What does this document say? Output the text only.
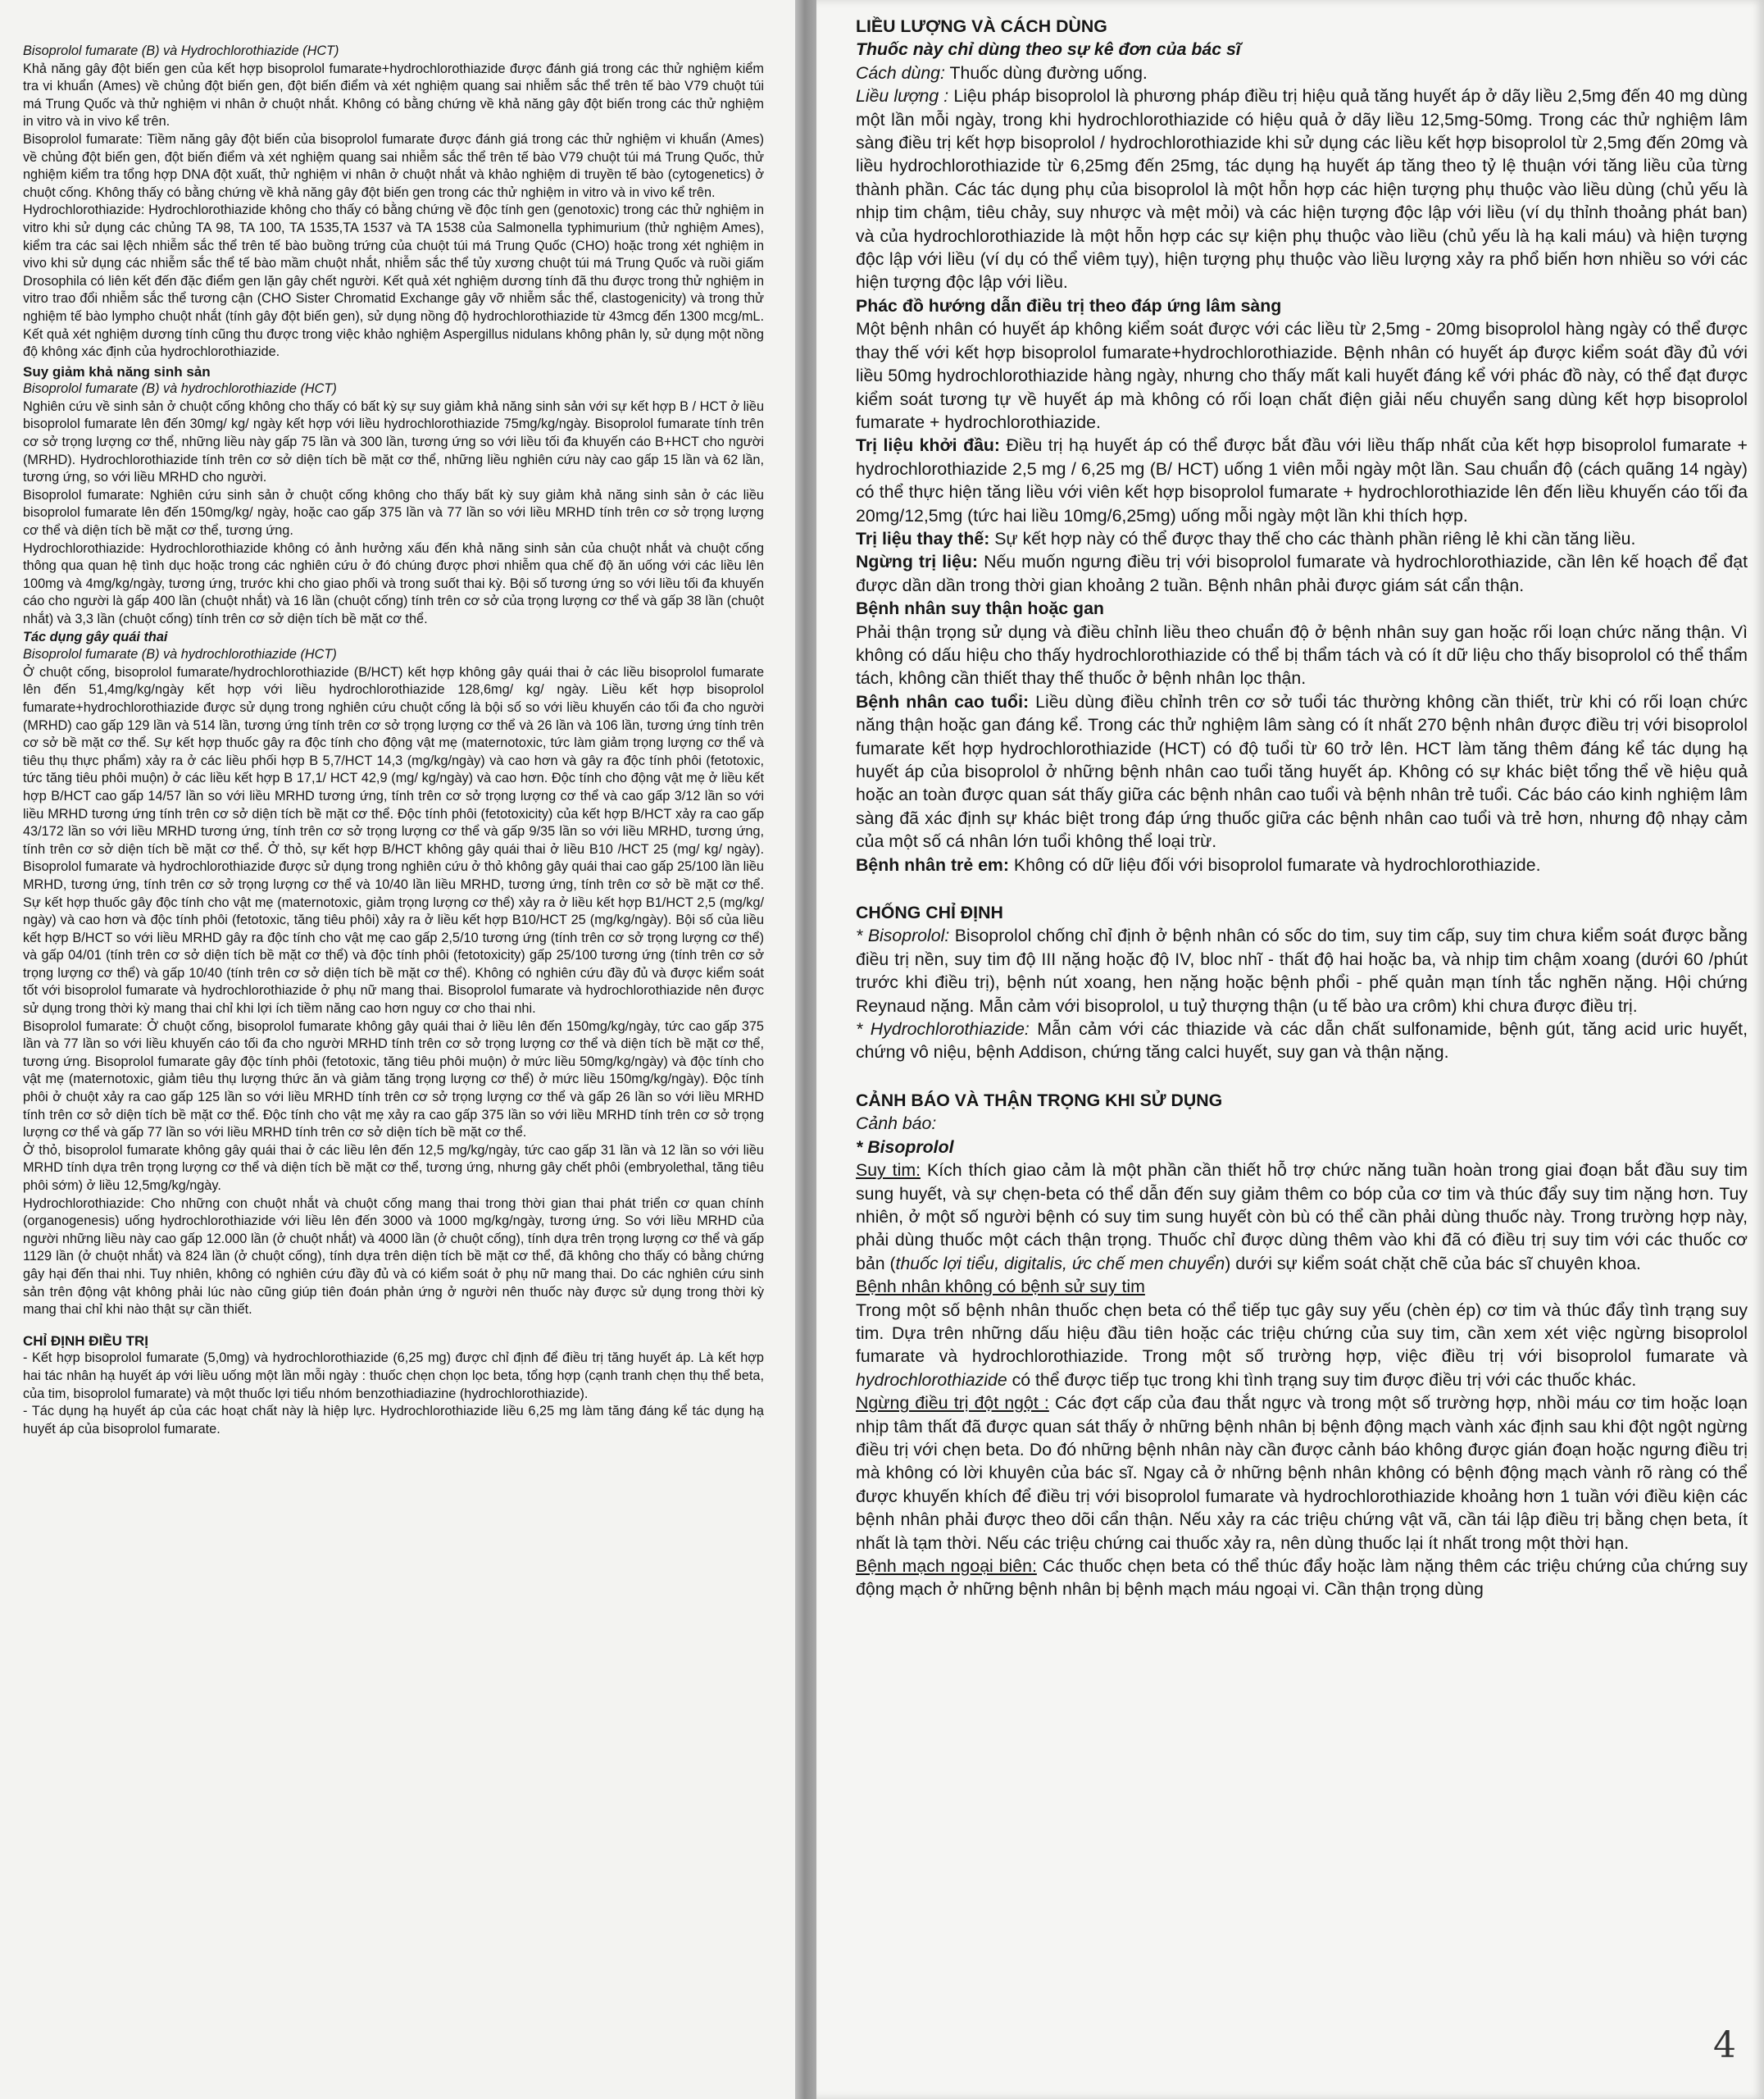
Bisoprolol fumarate (B) và Hydrochlorothiazide (HCT)

Khả năng gây đột biến gen của kết hợp bisoprolol fumarate+hydrochlorothiazide được đánh giá trong các thử nghiệm kiểm tra vi khuẩn (Ames) về chủng đột biến gen, đột biến điểm và xét nghiệm quang sai nhiễm sắc thể trên tế bào V79 chuột túi má Trung Quốc và thử nghiệm vi nhân ở chuột nhắt. Không có bằng chứng về khả năng gây đột biến trong các thử nghiệm in vitro và in vivo kể trên.

Bisoprolol fumarate: Tiềm năng gây đột biến của bisoprolol fumarate được đánh giá trong các thử nghiệm vi khuẩn (Ames) về chủng đột biến gen, đột biến điểm và xét nghiệm quang sai nhiễm sắc thể trên tế bào V79 chuột túi má Trung Quốc, thử nghiệm kiểm tra tổng hợp DNA đột xuất, thử nghiệm vi nhân ở chuột nhắt và khảo nghiệm di truyền tế bào (cytogenetics) ở chuột cống. Không thấy có bằng chứng về khả năng gây đột biến gen trong các thử nghiệm in vitro và in vivo kể trên.

Hydrochlorothiazide: Hydrochlorothiazide không cho thấy có bằng chứng về độc tính gen (genotoxic) trong các thử nghiệm in vitro khi sử dụng các chủng TA 98, TA 100, TA 1535,TA 1537 và TA 1538 của Salmonella typhimurium (thử nghiệm Ames), kiểm tra các sai lệch nhiễm sắc thể trên tế bào buồng trứng của chuột túi má Trung Quốc (CHO) hoặc trong xét nghiệm in vivo khi sử dụng các nhiễm sắc thể tế bào mầm chuột nhắt, nhiễm sắc thể tủy xương chuột túi má Trung Quốc và ruồi giấm Drosophila có liên kết đến đặc điểm gen lặn gây chết người. Kết quả xét nghiệm dương tính đã thu được trong thử nghiệm in vitro trao đổi nhiễm sắc thể tương cận (CHO Sister Chromatid Exchange gây vỡ nhiễm sắc thể, clastogenicity) và trong thử nghiệm tế bào lympho chuột nhắt (tính gây đột biến gen), sử dụng nồng độ hydrochlorothiazide từ 43mcg đến 1300 mcg/mL. Kết quả xét nghiệm dương tính cũng thu được trong việc khảo nghiệm Aspergillus nidulans không phân ly, sử dụng một nồng độ không xác định của hydrochlorothiazide.

Suy giảm khả năng sinh sản

Bisoprolol fumarate (B) và hydrochlorothiazide (HCT)

Nghiên cứu về sinh sản ở chuột cống không cho thấy có bất kỳ sự suy giảm khả năng sinh sản với sự kết hợp B / HCT ở liều bisoprolol fumarate lên đến 30mg/ kg/ ngày kết hợp với liều hydrochlorothiazide 75mg/kg/ngày. Bisoprolol fumarate tính trên cơ sở trọng lượng cơ thể, những liều này gấp 75 lần và 300 lần, tương ứng so với liều tối đa khuyến cáo B+HCT cho người (MRHD). Hydrochlorothiazide tính trên cơ sở diện tích bề mặt cơ thể, những liều nghiên cứu này cao gấp 15 lần và 62 lần, tương ứng, so với liều MRHD cho người.

Bisoprolol fumarate: Nghiên cứu sinh sản ở chuột cống không cho thấy bất kỳ suy giảm khả năng sinh sản ở các liều bisoprolol fumarate lên đến 150mg/kg/ ngày, hoặc cao gấp 375 lần và 77 lần so với liều MRHD tính trên cơ sở trọng lượng cơ thể và diện tích bề mặt cơ thể, tương ứng.

Hydrochlorothiazide: Hydrochlorothiazide không có ảnh hưởng xấu đến khả năng sinh sản của chuột nhắt và chuột cống thông qua quan hệ tình dục hoặc trong các nghiên cứu ở đó chúng được phơi nhiễm qua chế độ ăn uống với các liều lên 100mg và 4mg/kg/ngày, tương ứng, trước khi cho giao phối và trong suốt thai kỳ. Bội số tương ứng so với liều tối đa khuyến cáo cho người là gấp 400 lần (chuột nhắt) và 16 lần (chuột cống) tính trên cơ sở của trọng lượng cơ thể và gấp 38 lần (chuột nhắt) và 3,3 lần (chuột cống) tính trên cơ sở diện tích bề mặt cơ thể.

Tác dụng gây quái thai

Bisoprolol fumarate (B) và hydrochlorothiazide (HCT)

Ở chuột cống, bisoprolol fumarate/hydrochlorothiazide (B/HCT) kết hợp không gây quái thai ở các liều bisoprolol fumarate lên đến 51,4mg/kg/ngày kết hợp với liều hydrochlorothiazide 128,6mg/ kg/ ngày. Liều kết hợp bisoprolol fumarate+hydrochlorothiazide được sử dụng trong nghiên cứu chuột cống là bội số so với liều khuyến cáo tối đa cho người (MRHD) cao gấp 129 lần và 514 lần, tương ứng tính trên cơ sở trọng lượng cơ thể và 26 lần và 106 lần, tương ứng tính trên cơ sở bề mặt cơ thể. Sự kết hợp thuốc gây ra độc tính cho động vật mẹ (maternotoxic, tức làm giảm trọng lượng cơ thể và tiêu thụ thực phẩm) xảy ra ở các liều phối hợp B 5,7/HCT 14,3 (mg/kg/ngày) và cao hơn và gây ra độc tính phôi (fetotoxic, tức tăng tiêu phôi muộn) ở các liều kết hợp B 17,1/ HCT 42,9 (mg/ kg/ngày) và cao hơn. Độc tính cho động vật mẹ ở liều kết hợp B/HCT cao gấp 14/57 lần so với liều MRHD tương ứng, tính trên cơ sở trọng lượng cơ thể và cao gấp 3/12 lần so với liều MRHD tương ứng tính trên cơ sở diện tích bề mặt cơ thể. Độc tính phôi (fetotoxicity) của kết hợp B/HCT xảy ra cao gấp 43/172 lần so với liều MRHD tương ứng, tính trên cơ sở trọng lượng cơ thể và gấp 9/35 lần so với liều MRHD, tương ứng, tính trên cơ sở diện tích bề mặt cơ thể. Ở thỏ, sự kết hợp B/HCT không gây quái thai ở liều B10 /HCT 25 (mg/ kg/ ngày). Bisoprolol fumarate và hydrochlorothiazide được sử dụng trong nghiên cứu ở thỏ không gây quái thai cao gấp 25/100 lần liều MRHD, tương ứng, tính trên cơ sở trọng lượng cơ thể và 10/40 lần liều MRHD, tương ứng, tính trên cơ sở bề mặt cơ thể. Sự kết hợp thuốc gây độc tính cho vật mẹ (maternotoxic, giảm trọng lượng cơ thể) xảy ra ở liều kết hợp B1/HCT 2,5 (mg/kg/ ngày) và cao hơn và độc tính phôi (fetotoxic, tăng tiêu phôi) xảy ra ở liều kết hợp B10/HCT 25 (mg/kg/ngày). Bội số của liều kết hợp B/HCT so với liều MRHD gây ra độc tính cho vật mẹ cao gấp 2,5/10 tương ứng (tính trên cơ sở trọng lượng cơ thể) và gấp 04/01 (tính trên cơ sở diện tích bề mặt cơ thể) và độc tính phôi (fetotoxicity) gấp 25/100 tương ứng (tính trên cơ sở trọng lượng cơ thể) và gấp 10/40 (tính trên cơ sở diện tích bề mặt cơ thể). Không có nghiên cứu đầy đủ và được kiểm soát tốt với bisoprolol fumarate và hydrochlorothiazide ở phụ nữ mang thai. Bisoprolol fumarate và hydrochlorothiazide nên được sử dụng trong thời kỳ mang thai chỉ khi lợi ích tiềm năng cao hơn nguy cơ cho thai nhi.

Bisoprolol fumarate: Ở chuột cống, bisoprolol fumarate không gây quái thai ở liều lên đến 150mg/kg/ngày, tức cao gấp 375 lần và 77 lần so với liều khuyến cáo tối đa cho người MRHD tính trên cơ sở trọng lượng cơ thể và diện tích bề mặt cơ thể, tương ứng. Bisoprolol fumarate gây độc tính phôi (fetotoxic, tăng tiêu phôi muộn) ở mức liều 50mg/kg/ngày) và độc tính cho vật mẹ (maternotoxic, giảm tiêu thụ lượng thức ăn và giảm tăng trọng lượng cơ thể) ở mức liều 150mg/kg/ngày). Độc tính phôi ở chuột xảy ra cao gấp 125 lần so với liều MRHD tính trên cơ sở trọng lượng cơ thể và gấp 26 lần so với liều MRHD tính trên cơ sở diện tích bề mặt cơ thể. Độc tính cho vật mẹ xảy ra cao gấp 375 lần so với liều MRHD tính trên cơ sở trọng lượng cơ thể và gấp 77 lần so với liều MRHD tính trên cơ sở diện tích bề mặt cơ thể.

Ở thỏ, bisoprolol fumarate không gây quái thai ở các liều lên đến 12,5 mg/kg/ngày, tức cao gấp 31 lần và 12 lần so với liều MRHD tính dựa trên trọng lượng cơ thể và diện tích bề mặt cơ thể, tương ứng, nhưng gây chết phôi (embryolethal, tăng tiêu phôi sớm) ở liều 12,5mg/kg/ngày.

Hydrochlorothiazide: Cho những con chuột nhắt và chuột cống mang thai trong thời gian thai phát triển cơ quan chính (organogenesis) uống hydrochlorothiazide với liều lên đến 3000 và 1000 mg/kg/ngày, tương ứng. So với liều MRHD của người những liều này cao gấp 12.000 lần (ở chuột nhắt) và 4000 lần (ở chuột cống), tính dựa trên trọng lượng cơ thể và gấp 1129 lần (ở chuột nhắt) và 824 lần (ở chuột cống), tính dựa trên diện tích bề mặt cơ thể, đã không cho thấy có bằng chứng gây hại đến thai nhi. Tuy nhiên, không có nghiên cứu đầy đủ và có kiểm soát ở phụ nữ mang thai. Do các nghiên cứu sinh sản trên động vật không phải lúc nào cũng giúp tiên đoán phản ứng ở người nên thuốc này được sử dụng trong thời kỳ mang thai chỉ khi nào thật sự cần thiết.

CHỈ ĐỊNH ĐIỀU TRỊ

- Kết hợp bisoprolol fumarate (5,0mg) và hydrochlorothiazide (6,25 mg) được chỉ định để điều trị tăng huyết áp. Là kết hợp hai tác nhân hạ huyết áp với liều uống một lần mỗi ngày : thuốc chẹn chọn lọc beta, tổng hợp (cạnh tranh chẹn thụ thể beta, của tim, bisoprolol fumarate) và một thuốc lợi tiểu nhóm benzothiadiazine (hydrochlorothiazide).

- Tác dụng hạ huyết áp của các hoạt chất này là hiệp lực. Hydrochlorothiazide liều 6,25 mg làm tăng đáng kể tác dụng hạ huyết áp của bisoprolol fumarate.

LIỀU LƯỢNG VÀ CÁCH DÙNG

Thuốc này chỉ dùng theo sự kê đơn của bác sĩ

Cách dùng: Thuốc dùng đường uống.

Liều lượng : Liệu pháp bisoprolol là phương pháp điều trị hiệu quả tăng huyết áp ở dãy liều 2,5mg đến 40 mg dùng một lần mỗi ngày, trong khi hydrochlorothiazide có hiệu quả ở dãy liều 12,5mg-50mg. Trong các thử nghiệm lâm sàng điều trị kết hợp bisoprolol / hydrochlorothiazide khi sử dụng các liều kết hợp bisoprolol từ 2,5mg đến 20mg và liều hydrochlorothiazide từ 6,25mg đến 25mg, tác dụng hạ huyết áp tăng theo tỷ lệ thuận với tăng liều của từng thành phần. Các tác dụng phụ của bisoprolol là một hỗn hợp các hiện tượng phụ thuộc vào liều dùng (chủ yếu là nhịp tim chậm, tiêu chảy, suy nhược và mệt mỏi) và các hiện tượng độc lập với liều (ví dụ thỉnh thoảng phát ban) và của hydrochlorothiazide là một hỗn hợp các sự kiện phụ thuộc vào liều (chủ yếu là hạ kali máu) và hiện tượng độc lập với liều (ví dụ có thể viêm tụy), hiện tượng phụ thuộc vào liều lượng xảy ra phổ biến hơn nhiều so với các hiện tượng độc lập với liều.

Phác đồ hướng dẫn điều trị theo đáp ứng lâm sàng

Một bệnh nhân có huyết áp không kiểm soát được với các liều từ 2,5mg - 20mg bisoprolol hàng ngày có thể được thay thế với kết hợp bisoprolol fumarate+hydrochlorothiazide. Bệnh nhân có huyết áp được kiểm soát đầy đủ với liều 50mg hydrochlorothiazide hàng ngày, nhưng cho thấy mất kali huyết đáng kể với phác đồ này, có thể đạt được kiểm soát tương tự về huyết áp mà không có rối loạn chất điện giải nếu chuyển sang dùng kết hợp bisoprolol fumarate + hydrochlorothiazide.

Trị liệu khởi đầu: Điều trị hạ huyết áp có thể được bắt đầu với liều thấp nhất của kết hợp bisoprolol fumarate + hydrochlorothiazide 2,5 mg / 6,25 mg (B/ HCT) uống 1 viên mỗi ngày một lần. Sau chuẩn độ (cách quãng 14 ngày) có thể thực hiện tăng liều với viên kết hợp bisoprolol fumarate + hydrochlorothiazide lên đến liều khuyến cáo tối đa 20mg/12,5mg (tức hai liều 10mg/6,25mg) uống mỗi ngày một lần khi thích hợp.

Trị liệu thay thế: Sự kết hợp này có thể được thay thế cho các thành phần riêng lẻ khi cần tăng liều.

Ngừng trị liệu: Nếu muốn ngưng điều trị với bisoprolol fumarate và hydrochlorothiazide, cần lên kế hoạch để đạt được dần dần trong thời gian khoảng 2 tuần. Bệnh nhân phải được giám sát cẩn thận.

Bệnh nhân suy thận hoặc gan

Phải thận trọng sử dụng và điều chỉnh liều theo chuẩn độ ở bệnh nhân suy gan hoặc rối loạn chức năng thận. Vì không có dấu hiệu cho thấy hydrochlorothiazide có thể bị thẩm tách và có ít dữ liệu cho thấy bisoprolol có thể thẩm tách, không cần thiết thay thế thuốc ở bệnh nhân lọc thận.

Bệnh nhân cao tuổi: Liều dùng điều chỉnh trên cơ sở tuổi tác thường không cần thiết, trừ khi có rối loạn chức năng thận hoặc gan đáng kể. Trong các thử nghiệm lâm sàng có ít nhất 270 bệnh nhân được điều trị với bisoprolol fumarate kết hợp hydrochlorothiazide (HCT) có độ tuổi từ 60 trở lên. HCT làm tăng thêm đáng kể tác dụng hạ huyết áp của bisoprolol ở những bệnh nhân cao tuổi tăng huyết áp. Không có sự khác biệt tổng thể về hiệu quả hoặc an toàn được quan sát thấy giữa các bệnh nhân cao tuổi và bệnh nhân trẻ tuổi. Các báo cáo kinh nghiệm lâm sàng đã xác định sự khác biệt trong đáp ứng thuốc giữa các bệnh nhân cao tuổi và trẻ hơn, nhưng độ nhạy cảm của một số cá nhân lớn tuổi không thể loại trừ.

Bệnh nhân trẻ em: Không có dữ liệu đối với bisoprolol fumarate và hydrochlorothiazide.

CHỐNG CHỈ ĐỊNH

* Bisoprolol: Bisoprolol chống chỉ định ở bệnh nhân có sốc do tim, suy tim cấp, suy tim chưa kiểm soát được bằng điều trị nền, suy tim độ III nặng hoặc độ IV, bloc nhĩ - thất độ hai hoặc ba, và nhịp tim chậm xoang (dưới 60 /phút trước khi điều trị), bệnh nút xoang, hen nặng hoặc bệnh phổi - phế quản mạn tính tắc nghẽn nặng. Hội chứng Reynaud nặng. Mẫn cảm với bisoprolol, u tuỷ thượng thận (u tế bào ưa crôm) khi chưa được điều trị.

* Hydrochlorothiazide: Mẫn cảm với các thiazide và các dẫn chất sulfonamide, bệnh gút, tăng acid uric huyết, chứng vô niệu, bệnh Addison, chứng tăng calci huyết, suy gan và thận nặng.

CẢNH BÁO VÀ THẬN TRỌNG KHI SỬ DỤNG

Cảnh báo:

* Bisoprolol

Suy tim: Kích thích giao cảm là một phần cần thiết hỗ trợ chức năng tuần hoàn trong giai đoạn bắt đầu suy tim sung huyết, và sự chẹn-beta có thể dẫn đến suy giảm thêm co bóp của cơ tim và thúc đẩy suy tim nặng hơn. Tuy nhiên, ở một số người bệnh có suy tim sung huyết còn bù có thể cần phải dùng thuốc này. Trong trường hợp này, phải dùng thuốc một cách thận trọng. Thuốc chỉ được dùng thêm vào khi đã có điều trị suy tim với các thuốc cơ bản (thuốc lợi tiểu, digitalis, ức chế men chuyển) dưới sự kiểm soát chặt chẽ của bác sĩ chuyên khoa.

Bệnh nhân không có bệnh sử suy tim

Trong một số bệnh nhân thuốc chẹn beta có thể tiếp tục gây suy yếu (chèn ép) cơ tim và thúc đẩy tình trạng suy tim. Dựa trên những dấu hiệu đầu tiên hoặc các triệu chứng của suy tim, cần xem xét việc ngừng bisoprolol fumarate và hydrochlorothiazide. Trong một số trường hợp, việc điều trị với bisoprolol fumarate và hydrochlorothiazide có thể được tiếp tục trong khi tình trạng suy tim được điều trị với các thuốc khác.

Ngừng điều trị đột ngột : Các đợt cấp của đau thắt ngực và trong một số trường hợp, nhồi máu cơ tim hoặc loạn nhịp tâm thất đã được quan sát thấy ở những bệnh nhân bị bệnh động mạch vành xác định sau khi đột ngột ngừng điều trị với chẹn beta. Do đó những bệnh nhân này cần được cảnh báo không được gián đoạn hoặc ngưng điều trị mà không có lời khuyên của bác sĩ. Ngay cả ở những bệnh nhân không có bệnh động mạch vành rõ ràng có thể được khuyến khích để điều trị với bisoprolol fumarate và hydrochlorothiazide khoảng hơn 1 tuần với điều kiện các bệnh nhân phải được theo dõi cẩn thận. Nếu xảy ra các triệu chứng vật vã, cần tái lập điều trị bằng chẹn beta, ít nhất là tạm thời. Nếu các triệu chứng cai thuốc xảy ra, nên dùng thuốc lại ít nhất trong một thời hạn.

Bệnh mạch ngoại biên: Các thuốc chẹn beta có thể thúc đẩy hoặc làm nặng thêm các triệu chứng của chứng suy động mạch ở những bệnh nhân bị bệnh mạch máu ngoại vi. Cần thận trọng dùng

4
